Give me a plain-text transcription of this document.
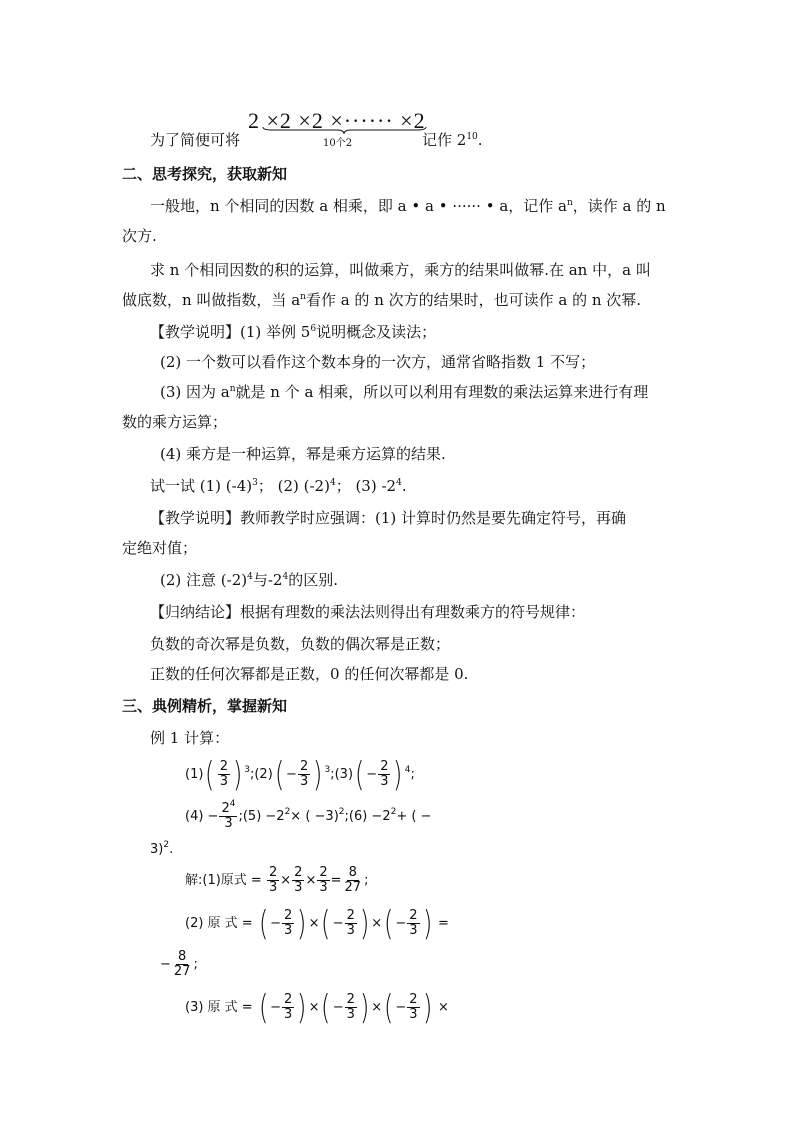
2 ×2 ×2 ×······ ×2
10个2
为了简便可将	记作 $2^{10}$.
二、思考探究，获取新知
一般地，n 个相同的因数 a 相乘，即 a • a • ······ • a，记作 $a^n$，读作 a 的 n
次方.
求 n 个相同因数的积的运算，叫做乘方，乘方的结果叫做幂.在 an 中，a 叫
做底数，n 叫做指数，当 $a^n$看作 a 的 n 次方的结果时，也可读作 a 的 n 次幂.
【教学说明】(1) 举例 $5^6$说明概念及读法；
(2) 一个数可以看作这个数本身的一次方，通常省略指数 1 不写；
(3) 因为 $a^n$就是 n 个 a 相乘，所以可以利用有理数的乘法运算来进行有理
数的乘方运算；
(4) 乘方是一种运算，幂是乘方运算的结果.
试一试 (1) $(-4)^3$； (2) $(-2)^4$； (3) $-2^4$.
【教学说明】教师教学时应强调：(1) 计算时仍然是要先确定符号，再确
定绝对值；
(2) 注意 $(-2)^4$与$-2^4$的区别.
【归纳结论】根据有理数的乘法法则得出有理数乘方的符号规律：
负数的奇次幂是负数，负数的偶次幂是正数；
正数的任何次幂都是正数，0 的任何次幂都是 0.
三、典例精析，掌握新知
例 1 计算：
$(1)( \frac{2}{3}$ ) $^3$;(2)( − $\frac{2}{3}$ ) $^3$;(3)( − $\frac{2}{3}$ ) $^4$;
$(4) - \frac{2^4}{3}$ ;(5) $-2^2\times$ ( −3)$^2$;(6) $-2^2+$ ( −
3)$^2$.
解:(1)原式 = $\frac{2}{3} \times \frac{2}{3} \times \frac{2}{3} = \frac{8}{27}$ ;
(2) 原 式 = ( − $\frac{2}{3}$ ) ×( − $\frac{2}{3}$ ) ×( − $\frac{2}{3}$ ) =
− $\frac{8}{27}$ ;
(3) 原 式 = ( − $\frac{2}{3}$ ) ×( − $\frac{2}{3}$ ) ×( − $\frac{2}{3}$ ) ×
